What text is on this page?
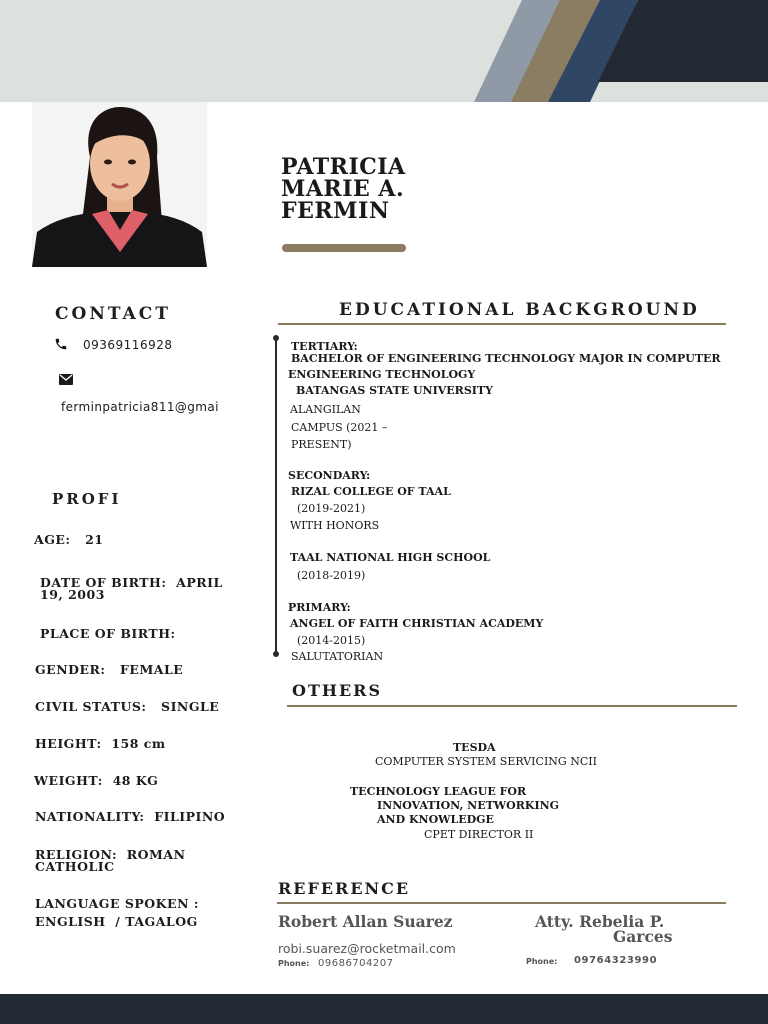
PATRICIA
MARIE A.
FERMIN
CONTACT
09369116928
ferminpatricia811@gmai
PROFI
AGE:   21
DATE OF BIRTH:  APRIL
19, 2003
PLACE OF BIRTH:
GENDER:   FEMALE
CIVIL STATUS:   SINGLE
HEIGHT:  158 cm
WEIGHT:  48 KG
NATIONALITY:  FILIPINO
RELIGION:  ROMAN
CATHOLIC
LANGUAGE SPOKEN :
ENGLISH  / TAGALOG
EDUCATIONAL BACKGROUND
TERTIARY:
BACHELOR OF ENGINEERING TECHNOLOGY MAJOR IN COMPUTER
ENGINEERING TECHNOLOGY
BATANGAS STATE UNIVERSITY
ALANGILAN
CAMPUS (2021 –
PRESENT)
SECONDARY:
RIZAL COLLEGE OF TAAL
(2019-2021)
WITH HONORS
TAAL NATIONAL HIGH SCHOOL
(2018-2019)
PRIMARY:
ANGEL OF FAITH CHRISTIAN ACADEMY
(2014-2015)
SALUTATORIAN
OTHERS
TESDA
COMPUTER SYSTEM SERVICING NCII
TECHNOLOGY LEAGUE FOR
INNOVATION, NETWORKING
AND KNOWLEDGE
CPET DIRECTOR II
REFERENCE
Robert Allan Suarez
robi.suarez@rocketmail.com
Phone: 09686704207
Atty. Rebelia P.
Garces
Phone: 09764323990
